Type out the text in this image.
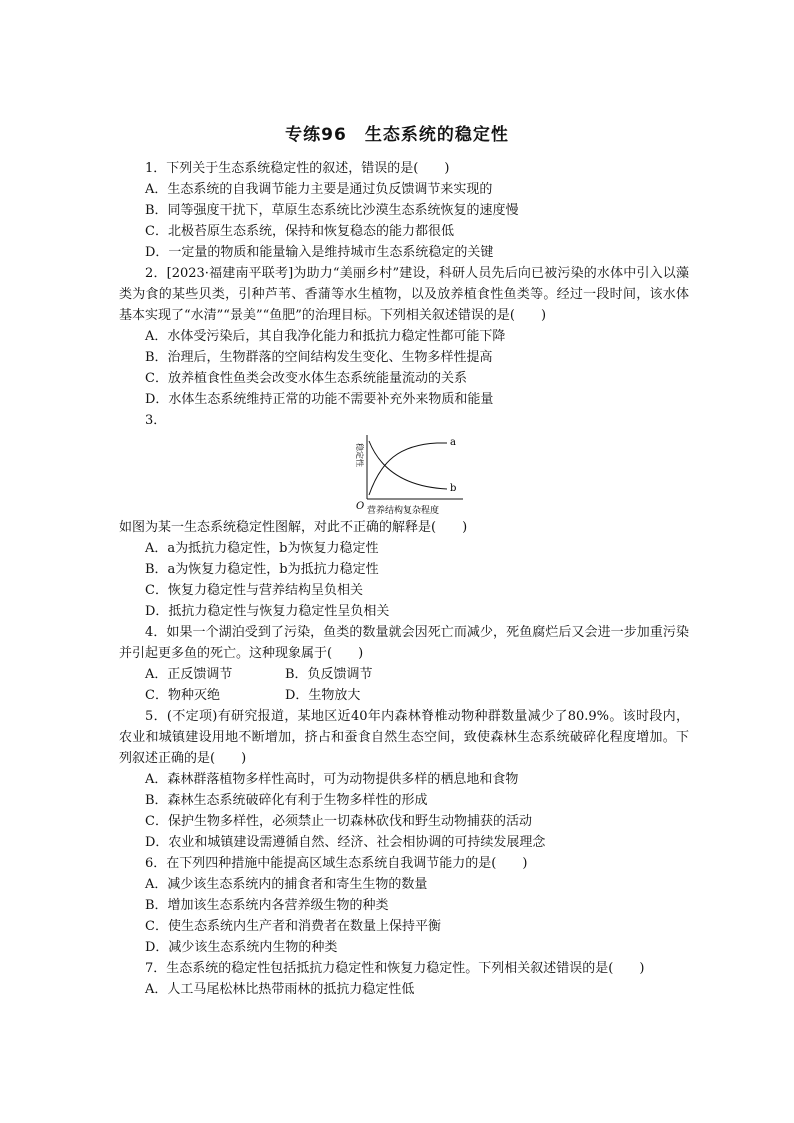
专练96　生态系统的稳定性

1．下列关于生态系统稳定性的叙述，错误的是(　　)

A．生态系统的自我调节能力主要是通过负反馈调节来实现的

B．同等强度干扰下，草原生态系统比沙漠生态系统恢复的速度慢

C．北极苔原生态系统，保持和恢复稳态的能力都很低

D．一定量的物质和能量输入是维持城市生态系统稳定的关键

2．[2023·福建南平联考]为助力“美丽乡村”建设，科研人员先后向已被污染的水体中引入以藻类为食的某些贝类，引种芦苇、香蒲等水生植物，以及放养植食性鱼类等。经过一段时间，该水体基本实现了“水清”“景美”“鱼肥”的治理目标。下列相关叙述错误的是(　　)

A．水体受污染后，其自我净化能力和抵抗力稳定性都可能下降

B．治理后，生物群落的空间结构发生变化、生物多样性提高

C．放养植食性鱼类会改变水体生态系统能量流动的关系

D．水体生态系统维持正常的功能不需要补充外来物质和能量

3．

a
b
O 营养结构复杂程度
稳定性

如图为某一生态系统稳定性图解，对此不正确的解释是(　　)

A．a为抵抗力稳定性，b为恢复力稳定性

B．a为恢复力稳定性，b为抵抗力稳定性

C．恢复力稳定性与营养结构呈负相关

D．抵抗力稳定性与恢复力稳定性呈负相关

4．如果一个湖泊受到了污染，鱼类的数量就会因死亡而减少，死鱼腐烂后又会进一步加重污染并引起更多鱼的死亡。这种现象属于(　　)

A．正反馈调节	B．负反馈调节
C．物种灭绝	D．生物放大

5．(不定项)有研究报道，某地区近40年内森林脊椎动物种群数量减少了80.9%。该时段内，农业和城镇建设用地不断增加，挤占和蚕食自然生态空间，致使森林生态系统破碎化程度增加。下列叙述正确的是(　　)

A．森林群落植物多样性高时，可为动物提供多样的栖息地和食物

B．森林生态系统破碎化有利于生物多样性的形成

C．保护生物多样性，必须禁止一切森林砍伐和野生动物捕获的活动

D．农业和城镇建设需遵循自然、经济、社会相协调的可持续发展理念

6．在下列四种措施中能提高区域生态系统自我调节能力的是(　　)

A．减少该生态系统内的捕食者和寄生生物的数量

B．增加该生态系统内各营养级生物的种类

C．使生态系统内生产者和消费者在数量上保持平衡

D．减少该生态系统内生物的种类

7．生态系统的稳定性包括抵抗力稳定性和恢复力稳定性。下列相关叙述错误的是(　　)

A．人工马尾松林比热带雨林的抵抗力稳定性低
